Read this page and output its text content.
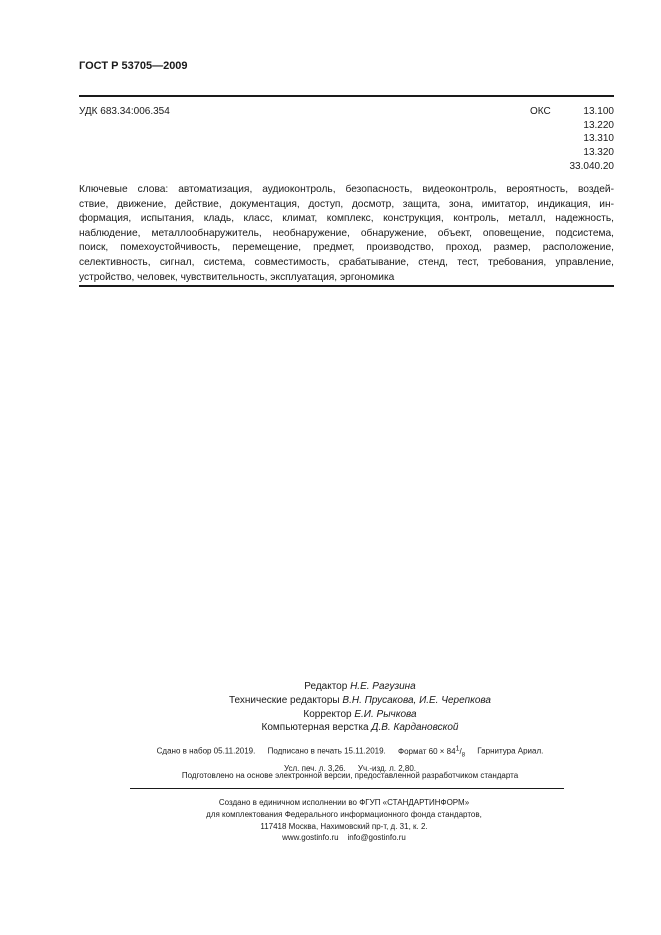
ГОСТ Р 53705—2009
УДК 683.34:006.354	ОКС	13.100
13.220
13.310
13.320
33.040.20
Ключевые слова: автоматизация, аудиоконтроль, безопасность, видеоконтроль, вероятность, воздей-
ствие, движение, действие, документация, доступ, досмотр, защита, зона, имитатор, индикация, ин-
формация, испытания, кладь, класс, климат, комплекс, конструкция, контроль, металл, надежность,
наблюдение, металлообнаружитель, необнаружение, обнаружение, объект, оповещение, подсистема,
поиск, помехоустойчивость, перемещение, предмет, производство, проход, размер, расположение,
селективность, сигнал, система, совместимость, срабатывание, стенд, тест, требования, управление,
устройство, человек, чувствительность, эксплуатация, эргономика
Редактор Н.Е. Рагузина
Технические редакторы В.Н. Прусакова, И.Е. Черепкова
Корректор Е.И. Рычкова
Компьютерная верстка Д.В. Кардановской
Сдано в набор 05.11.2019. Подписано в печать 15.11.2019. Формат $60 \times 84^1/_8$ Гарнитура Ариал.
Усл. печ. л. 3,26. Уч.-изд. л. 2,80.
Подготовлено на основе электронной версии, предоставленной разработчиком стандарта
Создано в единичном исполнении во ФГУП «СТАНДАРТИНФОРМ»
для комплектования Федерального информационного фонда стандартов,
117418 Москва, Нахимовский пр-т, д. 31, к. 2.
www.gostinfo.ru info@gostinfo.ru
